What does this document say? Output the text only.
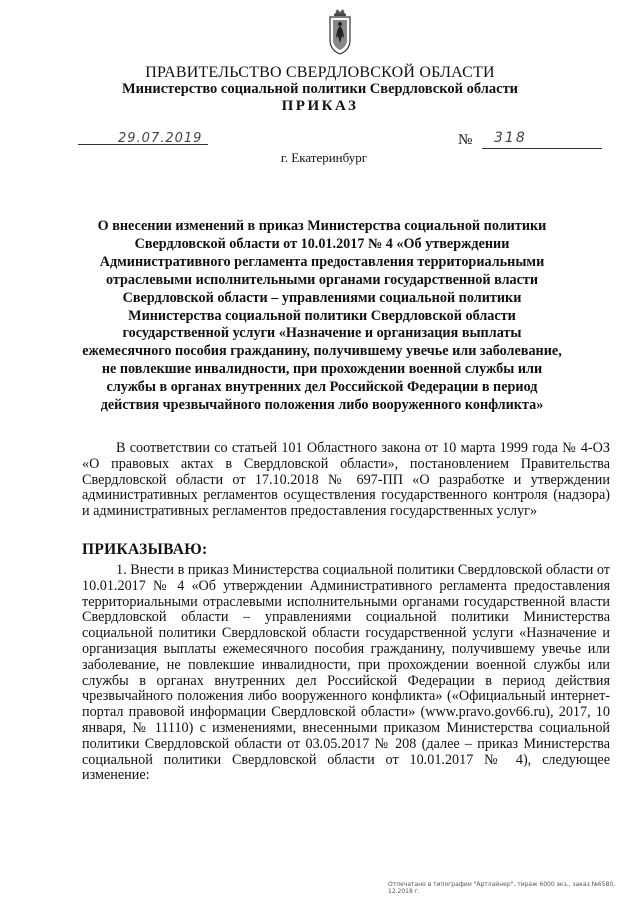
ПРАВИТЕЛЬСТВО СВЕРДЛОВСКОЙ ОБЛАСТИ
Министерство социальной политики Свердловской области
ПРИКАЗ
29.07.2019	№ 318
г. Екатеринбург
О внесении изменений в приказ Министерства социальной политики Свердловской области от 10.01.2017 № 4 «Об утверждении Административного регламента предоставления территориальными отраслевыми исполнительными органами государственной власти Свердловской области – управлениями социальной политики Министерства социальной политики Свердловской области государственной услуги «Назначение и организация выплаты ежемесячного пособия гражданину, получившему увечье или заболевание, не повлекшие инвалидности, при прохождении военной службы или службы в органах внутренних дел Российской Федерации в период действия чрезвычайного положения либо вооруженного конфликта»
В соответствии со статьей 101 Областного закона от 10 марта 1999 года № 4-ОЗ «О правовых актах в Свердловской области», постановлением Правительства Свердловской области от 17.10.2018 № 697-ПП «О разработке и утверждении административных регламентов осуществления государственного контроля (надзора) и административных регламентов предоставления государственных услуг»
ПРИКАЗЫВАЮ:
1. Внести в приказ Министерства социальной политики Свердловской области от 10.01.2017 № 4 «Об утверждении Административного регламента предоставления территориальными отраслевыми исполнительными органами государственной власти Свердловской области – управлениями социальной политики Министерства социальной политики Свердловской области государственной услуги «Назначение и организация выплаты ежемесячного пособия гражданину, получившему увечье или заболевание, не повлекшие инвалидности, при прохождении военной службы или службы в органах внутренних дел Российской Федерации в период действия чрезвычайного положения либо вооруженного конфликта» («Официальный интернет-портал правовой информации Свердловской области» (www.pravo.gov66.ru), 2017, 10 января, № 11110) с изменениями, внесенными приказом Министерства социальной политики Свердловской области от 03.05.2017 № 208 (далее – приказ Министерства социальной политики Свердловской области от 10.01.2017 № 4), следующее изменение:
Отпечатано в типографии "Артлайнер", тираж 6000 экз., заказ №6580, 12.2018 г.
